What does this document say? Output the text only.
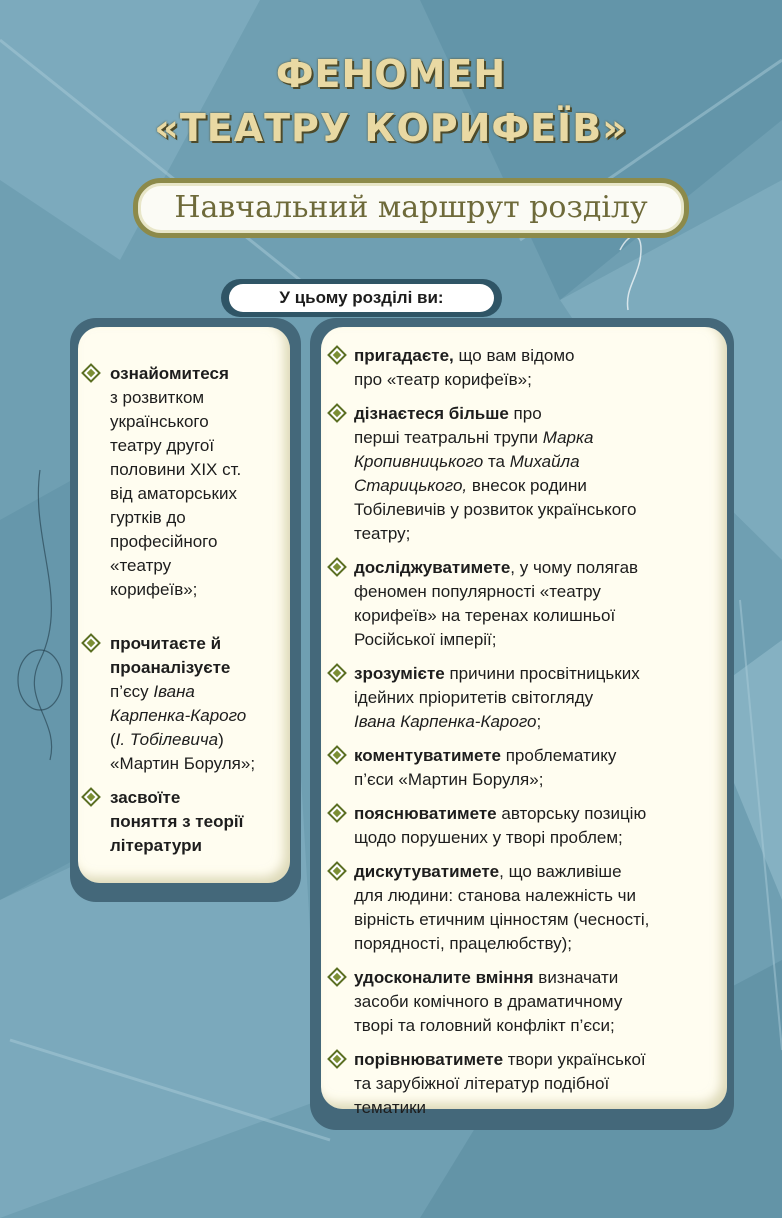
ФЕНОМЕН
«ТЕАТРУ КОРИФЕЇВ»
Навчальний маршрут розділу
У цьому розділі ви:
ознайомитеся
з розвитком
українського
театру другої
половини XIX ст.
від аматорських
гуртків до
професійного
«театру
корифеїв»;
прочитаєте й
проаналізуєте
п’єсу Івана
Карпенка-Карого
(І. Тобілевича)
«Мартин Боруля»;
засвоїте
поняття з теорії
літератури
пригадаєте, що вам відомо
про «театр корифеїв»;
дізнаєтеся більше про
перші театральні трупи Марка
Кропивницького та Михайла
Старицького, внесок родини
Тобілевичів у розвиток українського
театру;
досліджуватимете, у чому полягав
феномен популярності «театру
корифеїв» на теренах колишньої
Російської імперії;
зрозумієте причини просвітницьких
ідейних пріоритетів світогляду
Івана Карпенка-Карого;
коментуватимете проблематику
п’єси «Мартин Боруля»;
пояснюватимете авторську позицію
щодо порушених у творі проблем;
дискутуватимете, що важливіше
для людини: станова належність чи
вірність етичним цінностям (чесності,
порядності, працелюбству);
удосконалите вміння визначати
засоби комічного в драматичному
творі та головний конфлікт п’єси;
порівнюватимете твори української
та зарубіжної літератур подібної
тематики
